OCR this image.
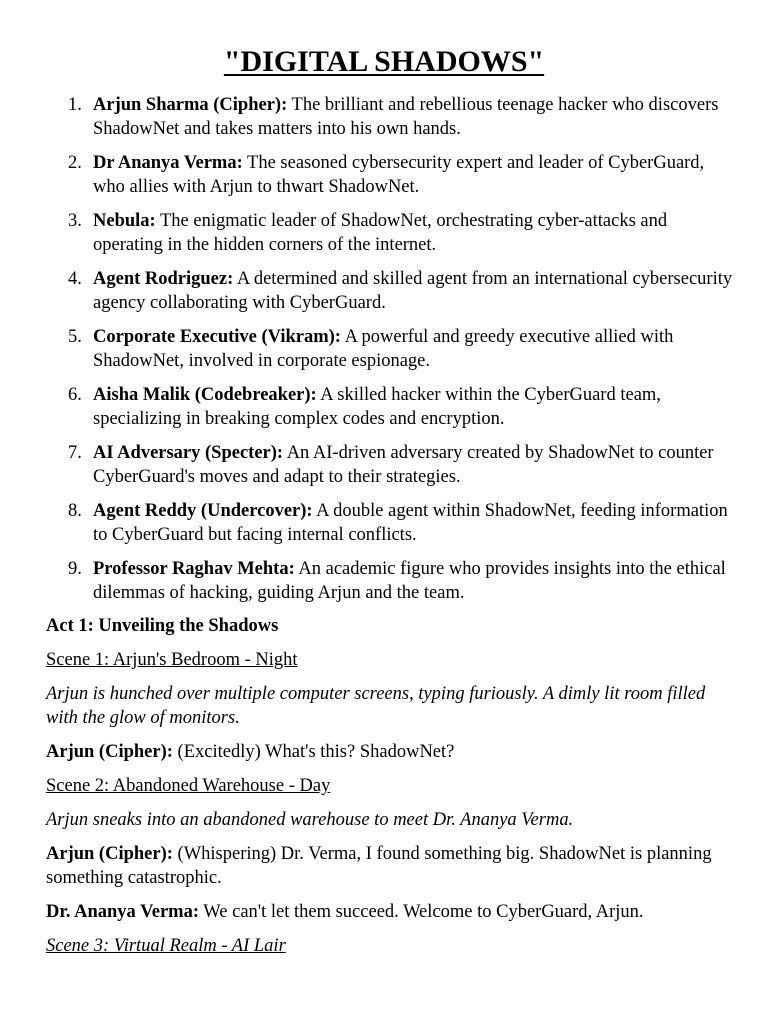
"DIGITAL SHADOWS"
1. Arjun Sharma (Cipher): The brilliant and rebellious teenage hacker who discovers ShadowNet and takes matters into his own hands.
2. Dr Ananya Verma: The seasoned cybersecurity expert and leader of CyberGuard, who allies with Arjun to thwart ShadowNet.
3. Nebula: The enigmatic leader of ShadowNet, orchestrating cyber-attacks and operating in the hidden corners of the internet.
4. Agent Rodriguez: A determined and skilled agent from an international cybersecurity agency collaborating with CyberGuard.
5. Corporate Executive (Vikram): A powerful and greedy executive allied with ShadowNet, involved in corporate espionage.
6. Aisha Malik (Codebreaker): A skilled hacker within the CyberGuard team, specializing in breaking complex codes and encryption.
7. AI Adversary (Specter): An AI-driven adversary created by ShadowNet to counter CyberGuard's moves and adapt to their strategies.
8. Agent Reddy (Undercover): A double agent within ShadowNet, feeding information to CyberGuard but facing internal conflicts.
9. Professor Raghav Mehta: An academic figure who provides insights into the ethical dilemmas of hacking, guiding Arjun and the team.

Act 1: Unveiling the Shadows

Scene 1: Arjun's Bedroom - Night

Arjun is hunched over multiple computer screens, typing furiously. A dimly lit room filled with the glow of monitors.

Arjun (Cipher): (Excitedly) What's this? ShadowNet?

Scene 2: Abandoned Warehouse - Day

Arjun sneaks into an abandoned warehouse to meet Dr. Ananya Verma.

Arjun (Cipher): (Whispering) Dr. Verma, I found something big. ShadowNet is planning something catastrophic.

Dr. Ananya Verma: We can't let them succeed. Welcome to CyberGuard, Arjun.

Scene 3: Virtual Realm - AI Lair
